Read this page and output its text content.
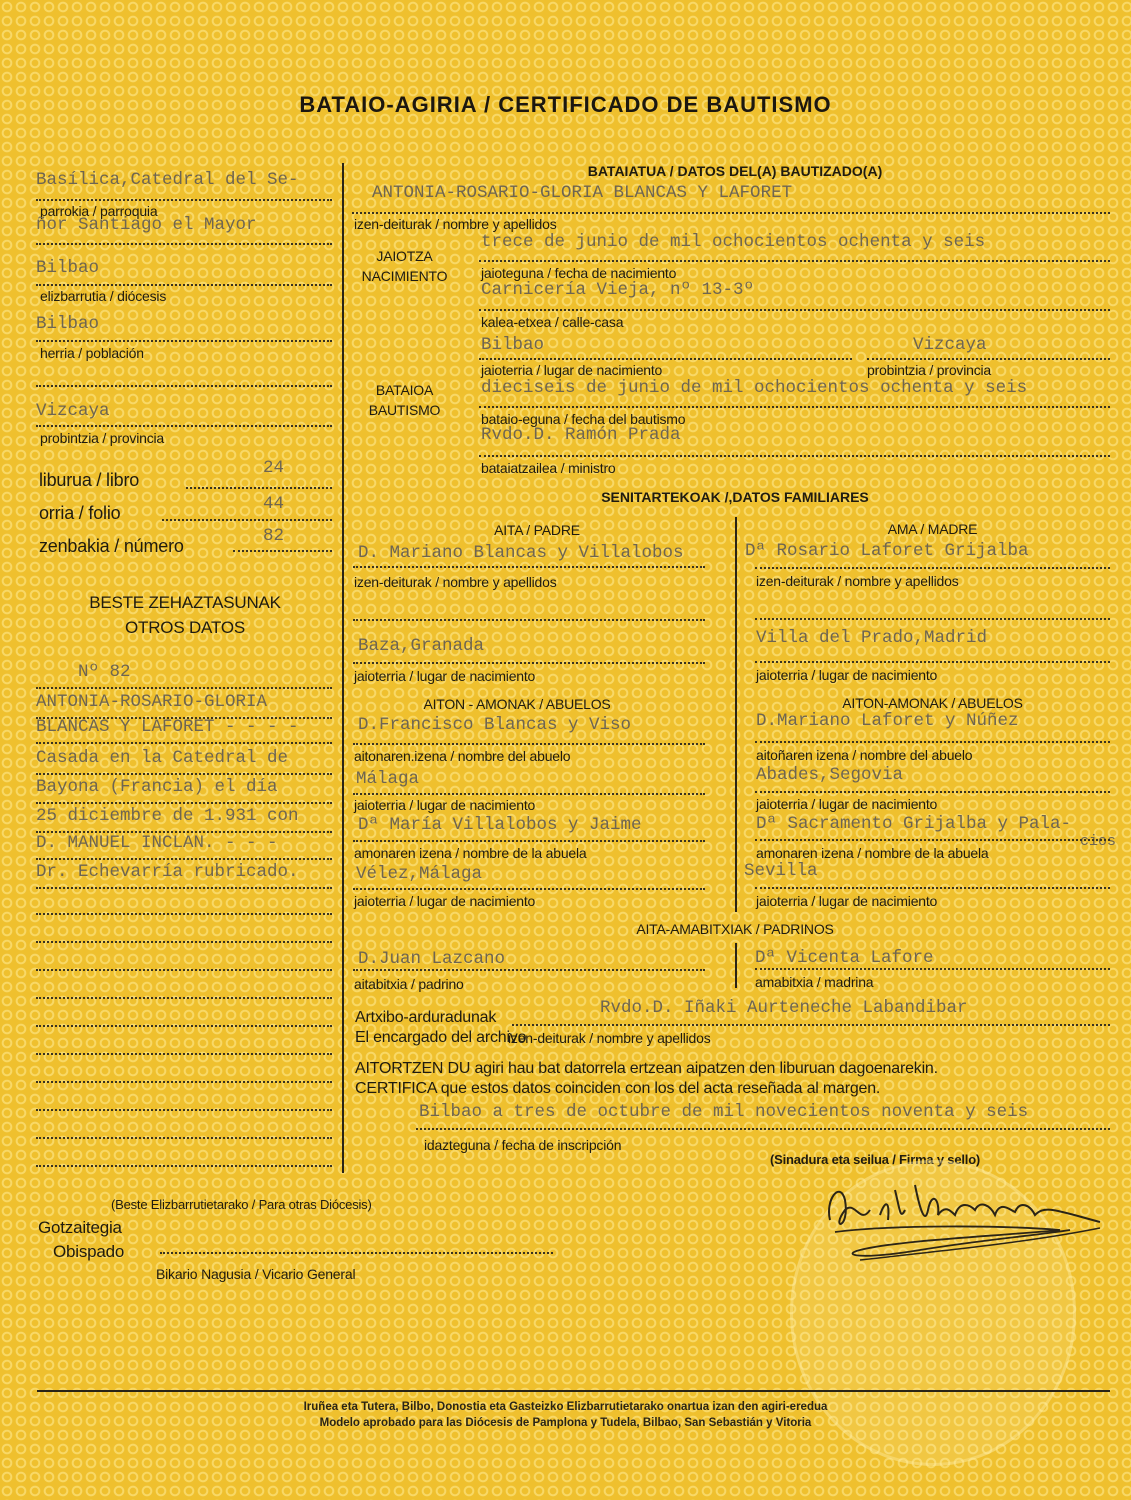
BATAIO-AGIRIA / CERTIFICADO DE BAUTISMO
Basílica,Catedral del Se-
parrokia / parroquia
ñor Santiago el Mayor
Bilbao
elizbarrutia / diócesis
Bilbao
herria / población
Vizcaya
probintzia / provincia
liburua / libro
24
orria / folio	44
zenbakia / número	82
BESTE ZEHAZTASUNAK
OTROS DATOS
Nº 82
ANTONIA-ROSARIO-GLORIA
BLANCAS Y LAFORET - - - -
Casada en la Catedral de
Bayona (Francia) el día
25 diciembre de 1.931 con
D. MANUEL INCLAN. - - -
Dr. Echevarría rubricado.
BATAIATUA / DATOS DEL(A) BAUTIZADO(A)
ANTONIA-ROSARIO-GLORIA BLANCAS Y LAFORET
izen-deiturak / nombre y apellidos
JAIOTZA
NACIMIENTO
trece de junio de mil ochocientos ochenta y seis
jaioteguna / fecha de nacimiento
Carnicería Vieja, nº 13-3º
kalea-etxea / calle-casa
Bilbao	Vizcaya
jaioterria / lugar de nacimiento	probintzia / provincia
BATAIOA
BAUTISMO
dieciseis de junio de mil ochocientos ochenta y seis
bataio-eguna / fecha del bautismo
Rvdo.D. Ramón Prada
bataiatzailea / ministro
SENITARTEKOAK /,DATOS FAMILIARES
AITA / PADRE
D. Mariano Blancas y Villalobos
izen-deiturak / nombre y apellidos
Baza,Granada
jaioterria / lugar de nacimiento
AMA / MADRE
Dª Rosario Laforet Grijalba
izen-deiturak / nombre y apellidos
Villa del Prado,Madrid
jaioterria / lugar de nacimiento
AITON - AMONAK / ABUELOS
D.Francisco Blancas y Viso
aitonaren.izena / nombre del abuelo
Málaga
jaioterria / lugar de nacimiento
Dª María Villalobos y Jaime
amonaren izena / nombre de la abuela
Vélez,Málaga
jaioterria / lugar de nacimiento
AITON-AMONAK / ABUELOS
D.Mariano Laforet y Núñez
aitoñaren izena / nombre del abuelo
Abades,Segovia
jaioterria / lugar de nacimiento
Dª Sacramento Grijalba y Pala-
cios
amonaren izena / nombre de la abuela
Sevilla
jaioterria / lugar de nacimiento
AITA-AMABITXIAK / PADRINOS
D.Juan Lazcano
aitabitxia / padrino
Dª Vicenta Lafore
amabitxia / madrina
Artxibo-arduradunak
El encargado del archivo
Rvdo.D. Iñaki Aurteneche Labandibar
izen-deiturak / nombre y apellidos
AITORTZEN DU agiri hau bat datorrela ertzean aipatzen den liburuan dagoenarekin.
CERTIFICA que estos datos coinciden con los del acta reseñada al margen.
Bilbao a tres de octubre de mil novecientos noventa y seis
idazteguna / fecha de inscripción
(Sinadura eta seilua / Firma y sello)
(Beste Elizbarrutietarako / Para otras Diócesis)
Gotzaitegia
Obispado
Bikario Nagusia / Vicario General
Iruñea eta Tutera, Bilbo, Donostia eta Gasteizko Elizbarrutietarako onartua izan den agiri-eredua
Modelo aprobado para las Diócesis de Pamplona y Tudela, Bilbao, San Sebastián y Vitoria
